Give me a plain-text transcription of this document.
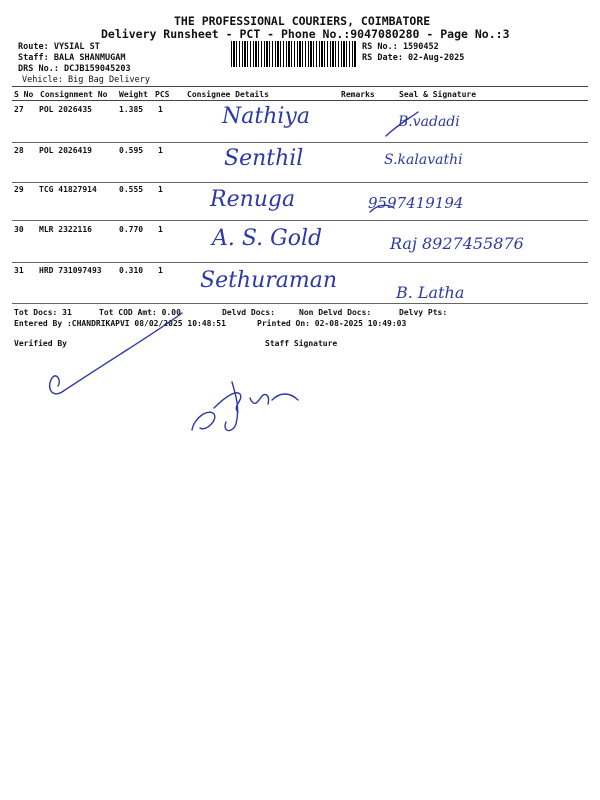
THE PROFESSIONAL COURIERS, COIMBATORE
Delivery Runsheet - PCT - Phone No.:9047080280 - Page No.:3
Route: VYSIAL ST
Staff: BALA SHANMUGAM
DRS No.: DCJB159045203
Vehicle: Big Bag Delivery
RS No.: 1590452
RS Date: 02-Aug-2025
S No Consignment No Weight PCS Consignee Details	Remarks	Seal & Signature
27 POL 2026435	1.385 1	Nathiya	B.vadadi
28 POL 2026419	0.595 1	Senthil	S.kalavathi
29 TCG 41827914	0.555 1 Renuga	9597419194
30 MLR 2322116	0.770 1 A. S. Gold	Raj 8927455876
31 HRD 731097493 0.310 1 Sethuraman	B. Latha
Tot Docs: 31	Tot COD Amt: 0.00	Delvd Docs:	Non Delvd Docs:	Delvy Pts:
Entered By :CHANDRIKAPVI 08/02/2025 10:48:51	Printed On: 02-08-2025 10:49:03
Verified By	Staff Signature
